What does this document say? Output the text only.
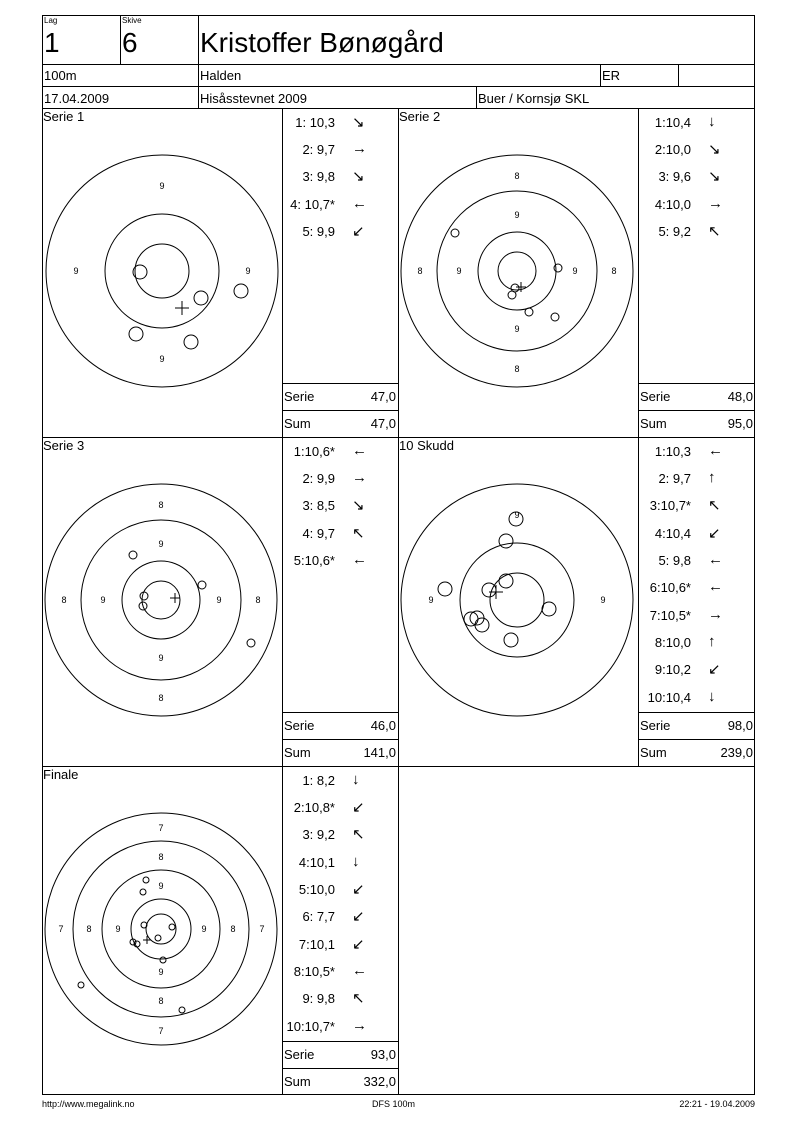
Lag
1
Skive
6 Kristoffer Bønøgård
100m	Halden	ER
17.04.2009	Hisåsstevnet 2009	Buer / Kornsjø SKL
Serie 1
9
9	9
9
1: 10,3 ↘
2: 9,7 →
3: 9,8 ↘
4: 10,7* ←
5: 9,9 ↙
Serie	47,0
Sum	47,0
Serie 2
8
9
9
8
8	9	9	8
1:10,4 ↓
2:10,0 ↘
3: 9,6 ↘
4:10,0 →
5: 9,2 ↖
Serie	48,0
Sum	95,0
Serie 3
8
9
8	9	9	8
9
8
1:10,6* ←
2: 9,9 →
3: 8,5 ↘
4: 9,7 ↖
5:10,6* ←
Serie	46,0
Sum	141,0
10 Skudd
9
9	9
1:10,3 ←
2: 9,7 ↑
3:10,7* ↖
4:10,4 ↙
5: 9,8 ←
6:10,6* ←
7:10,5* →
8:10,0 ↑
9:10,2 ↙
10:10,4 ↓
Serie	98,0
Sum	239,0
Finale
7
8
9
7	8	9	9	8	7
9
8
7
1: 8,2 ↓
2:10,8* ↙
3: 9,2 ↖
4:10,1 ↓
5:10,0 ↙
6: 7,7 ↙
7:10,1 ↙
8:10,5* ←
9: 9,8 ↖
10:10,7* →
Serie	93,0
Sum	332,0
http://www.megalink.no	DFS 100m	22:21 - 19.04.2009
